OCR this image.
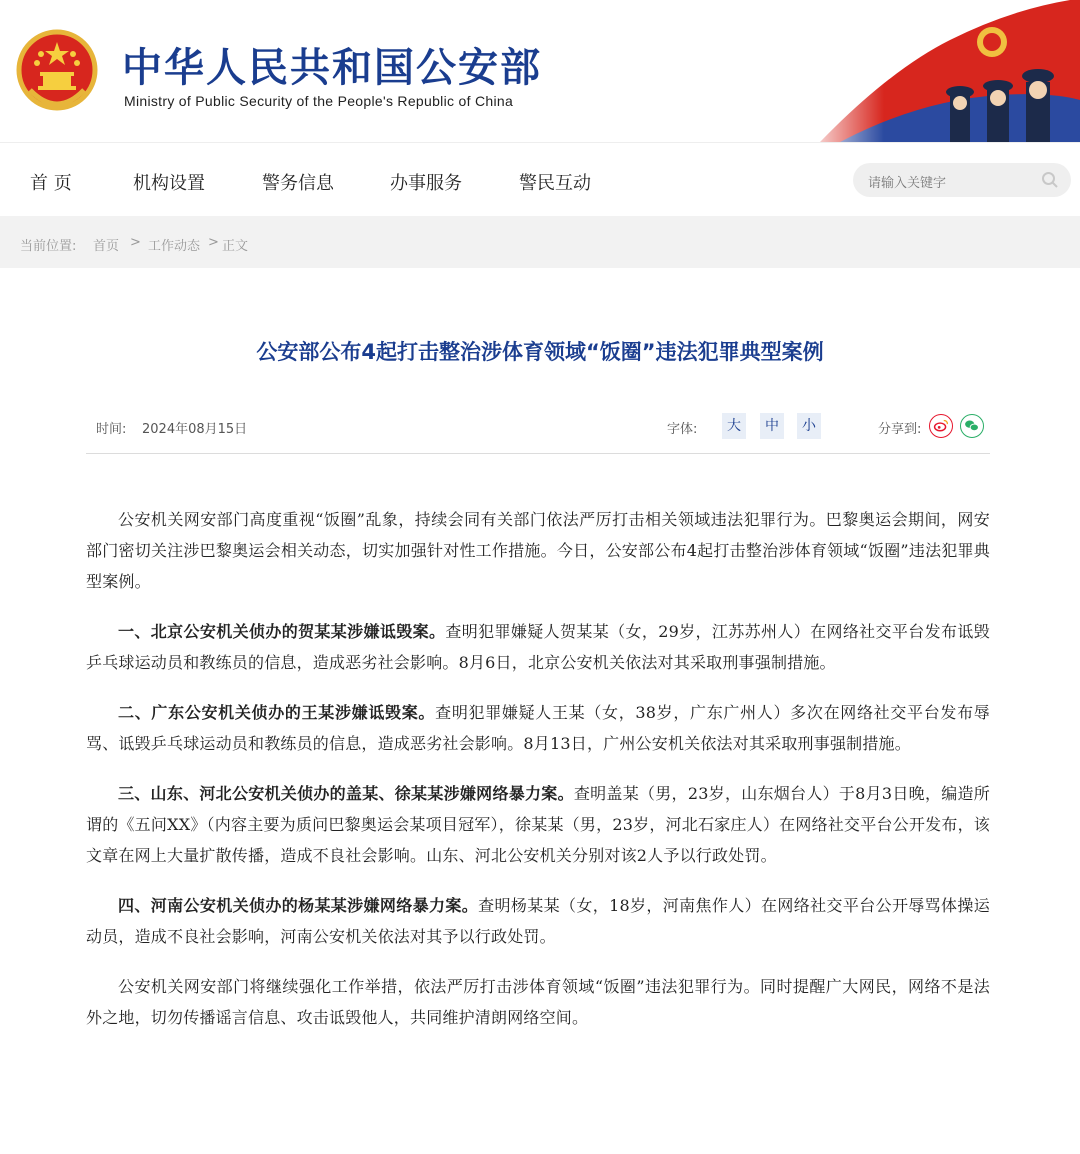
中华人民共和国公安部
Ministry of Public Security of the People's Republic of China
首 页	机构设置	警务信息	办事服务	警民互动	请输入关键字
当前位置: 首页 > 工作动态 > 正文
公安部公布4起打击整治涉体育领域“饭圈”违法犯罪典型案例
时间: 2024年08月15日	字体:	大	中	小	分享到:

公安机关网安部门高度重视“饭圈”乱象，持续会同有关部门依法严厉打击相关领域违法犯罪行为。巴黎奥运会期间，网安部门密切关注涉巴黎奥运会相关动态，切实加强针对性工作措施。今日，公安部公布4起打击整治涉体育领域“饭圈”违法犯罪典型案例。

一、北京公安机关侦办的贺某某涉嫌诋毁案。查明犯罪嫌疑人贺某某（女，29岁，江苏苏州人）在网络社交平台发布诋毁乒乓球运动员和教练员的信息，造成恶劣社会影响。8月6日，北京公安机关依法对其采取刑事强制措施。

二、广东公安机关侦办的王某涉嫌诋毁案。查明犯罪嫌疑人王某（女，38岁，广东广州人）多次在网络社交平台发布辱骂、诋毁乒乓球运动员和教练员的信息，造成恶劣社会影响。8月13日，广州公安机关依法对其采取刑事强制措施。

三、山东、河北公安机关侦办的盖某、徐某某涉嫌网络暴力案。查明盖某（男，23岁，山东烟台人）于8月3日晚，编造所谓的《五问XX》（内容主要为质问巴黎奥运会某项目冠军），徐某某（男，23岁，河北石家庄人）在网络社交平台公开发布，该文章在网上大量扩散传播，造成不良社会影响。山东、河北公安机关分别对该2人予以行政处罚。

四、河南公安机关侦办的杨某某涉嫌网络暴力案。查明杨某某（女，18岁，河南焦作人）在网络社交平台公开辱骂体操运动员，造成不良社会影响，河南公安机关依法对其予以行政处罚。

公安机关网安部门将继续强化工作举措，依法严厉打击涉体育领域“饭圈”违法犯罪行为。同时提醒广大网民，网络不是法外之地，切勿传播谣言信息、攻击诋毁他人，共同维护清朗网络空间。
